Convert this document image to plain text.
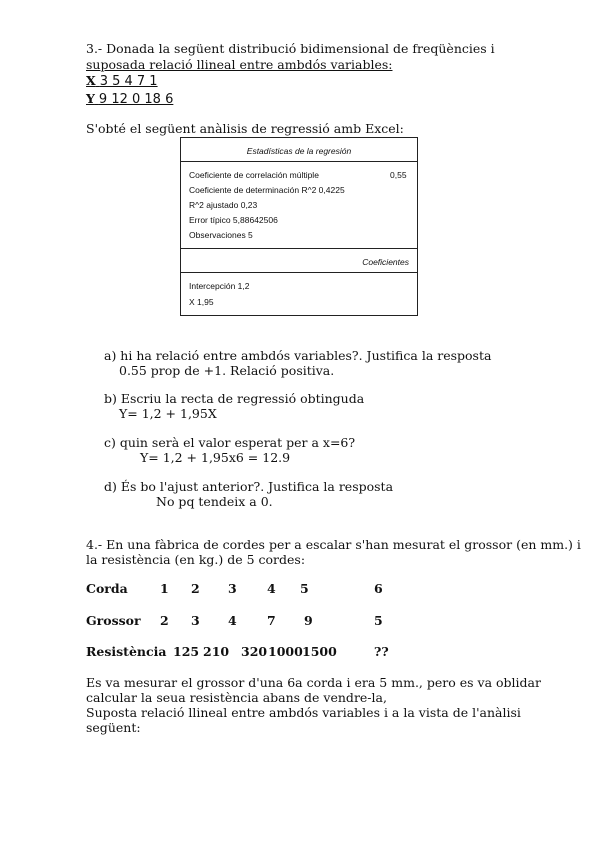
3.- Donada la següent distribució bidimensional de freqüències i
suposada relació llineal entre ambdós variables:
X 3 5 4 7 1
Y 9 12 0 18 6
S'obté el següent anàlisis de regressió amb Excel:
Estadísticas de la regresión
Coeficiente de correlación múltiple	0,55
Coeficiente de determinación R^2 0,4225
R^2 ajustado 0,23
Error típico 5,88642506
Observaciones 5
Coeficientes
Intercepción 1,2
X 1,95
a) hi ha relació entre ambdós variables?. Justifica la resposta
0.55 prop de +1. Relació positiva.
b) Escriu la recta de regressió obtinguda
Y= 1,2 + 1,95X
c) quin serà el valor esperat per a x=6?
Y= 1,2 + 1,95x6 = 12.9
d) És bo l'ajust anterior?. Justifica la resposta
No pq tendeix a 0.
4.- En una fàbrica de cordes per a escalar s'han mesurat el grossor (en mm.) i
la resistència (en kg.) de 5 cordes:
Corda	1 2 3 4 5	6
Grossor 2 3 4 7 9	5
Resistència 125 210 320 1000 1500	??
Es va mesurar el grossor d'una 6a corda i era 5 mm., pero es va oblidar
calcular la seua resistència abans de vendre-la,
Suposta relació llineal entre ambdós variables i a la vista de l'anàlisi
següent:
